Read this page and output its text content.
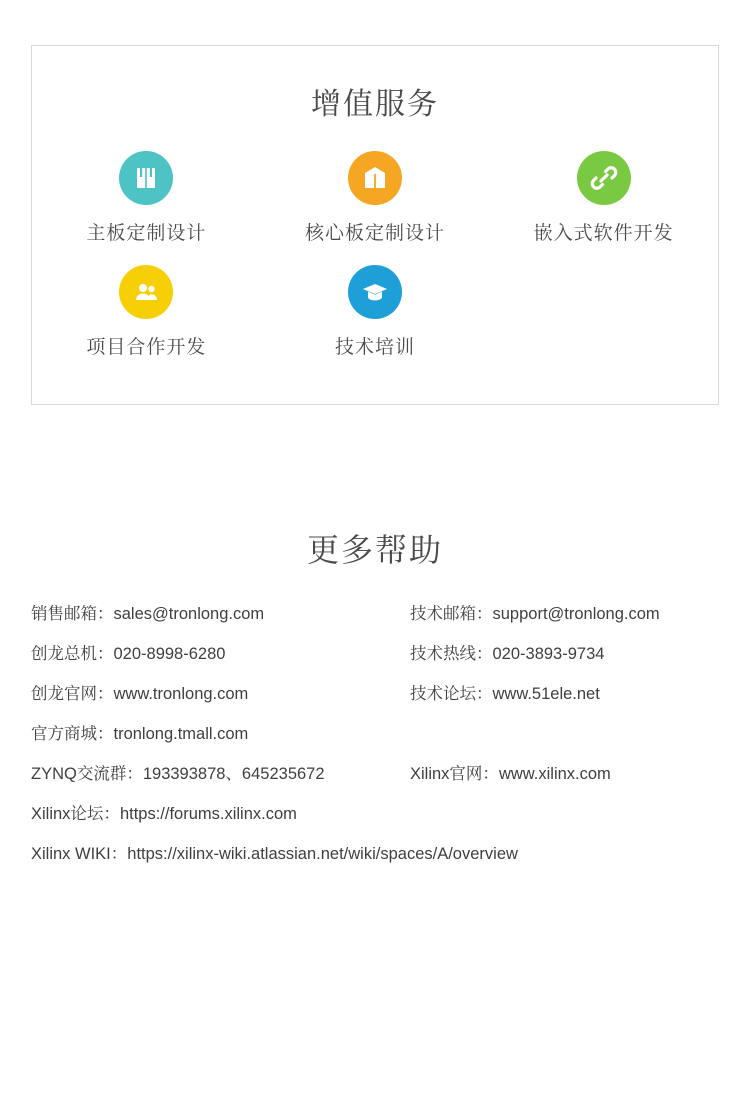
增值服务
主板定制设计	核心板定制设计	嵌入式软件开发
项目合作开发	技术培训
更多帮助
销售邮箱：sales@tronlong.com	技术邮箱：support@tronlong.com
创龙总机：020-8998-6280	技术热线：020-3893-9734
创龙官网：www.tronlong.com	技术论坛：www.51ele.net
官方商城：tronlong.tmall.com
ZYNQ交流群：193393878、645235672	Xilinx官网：www.xilinx.com
Xilinx论坛：https://forums.xilinx.com
Xilinx WIKI：https://xilinx-wiki.atlassian.net/wiki/spaces/A/overview
